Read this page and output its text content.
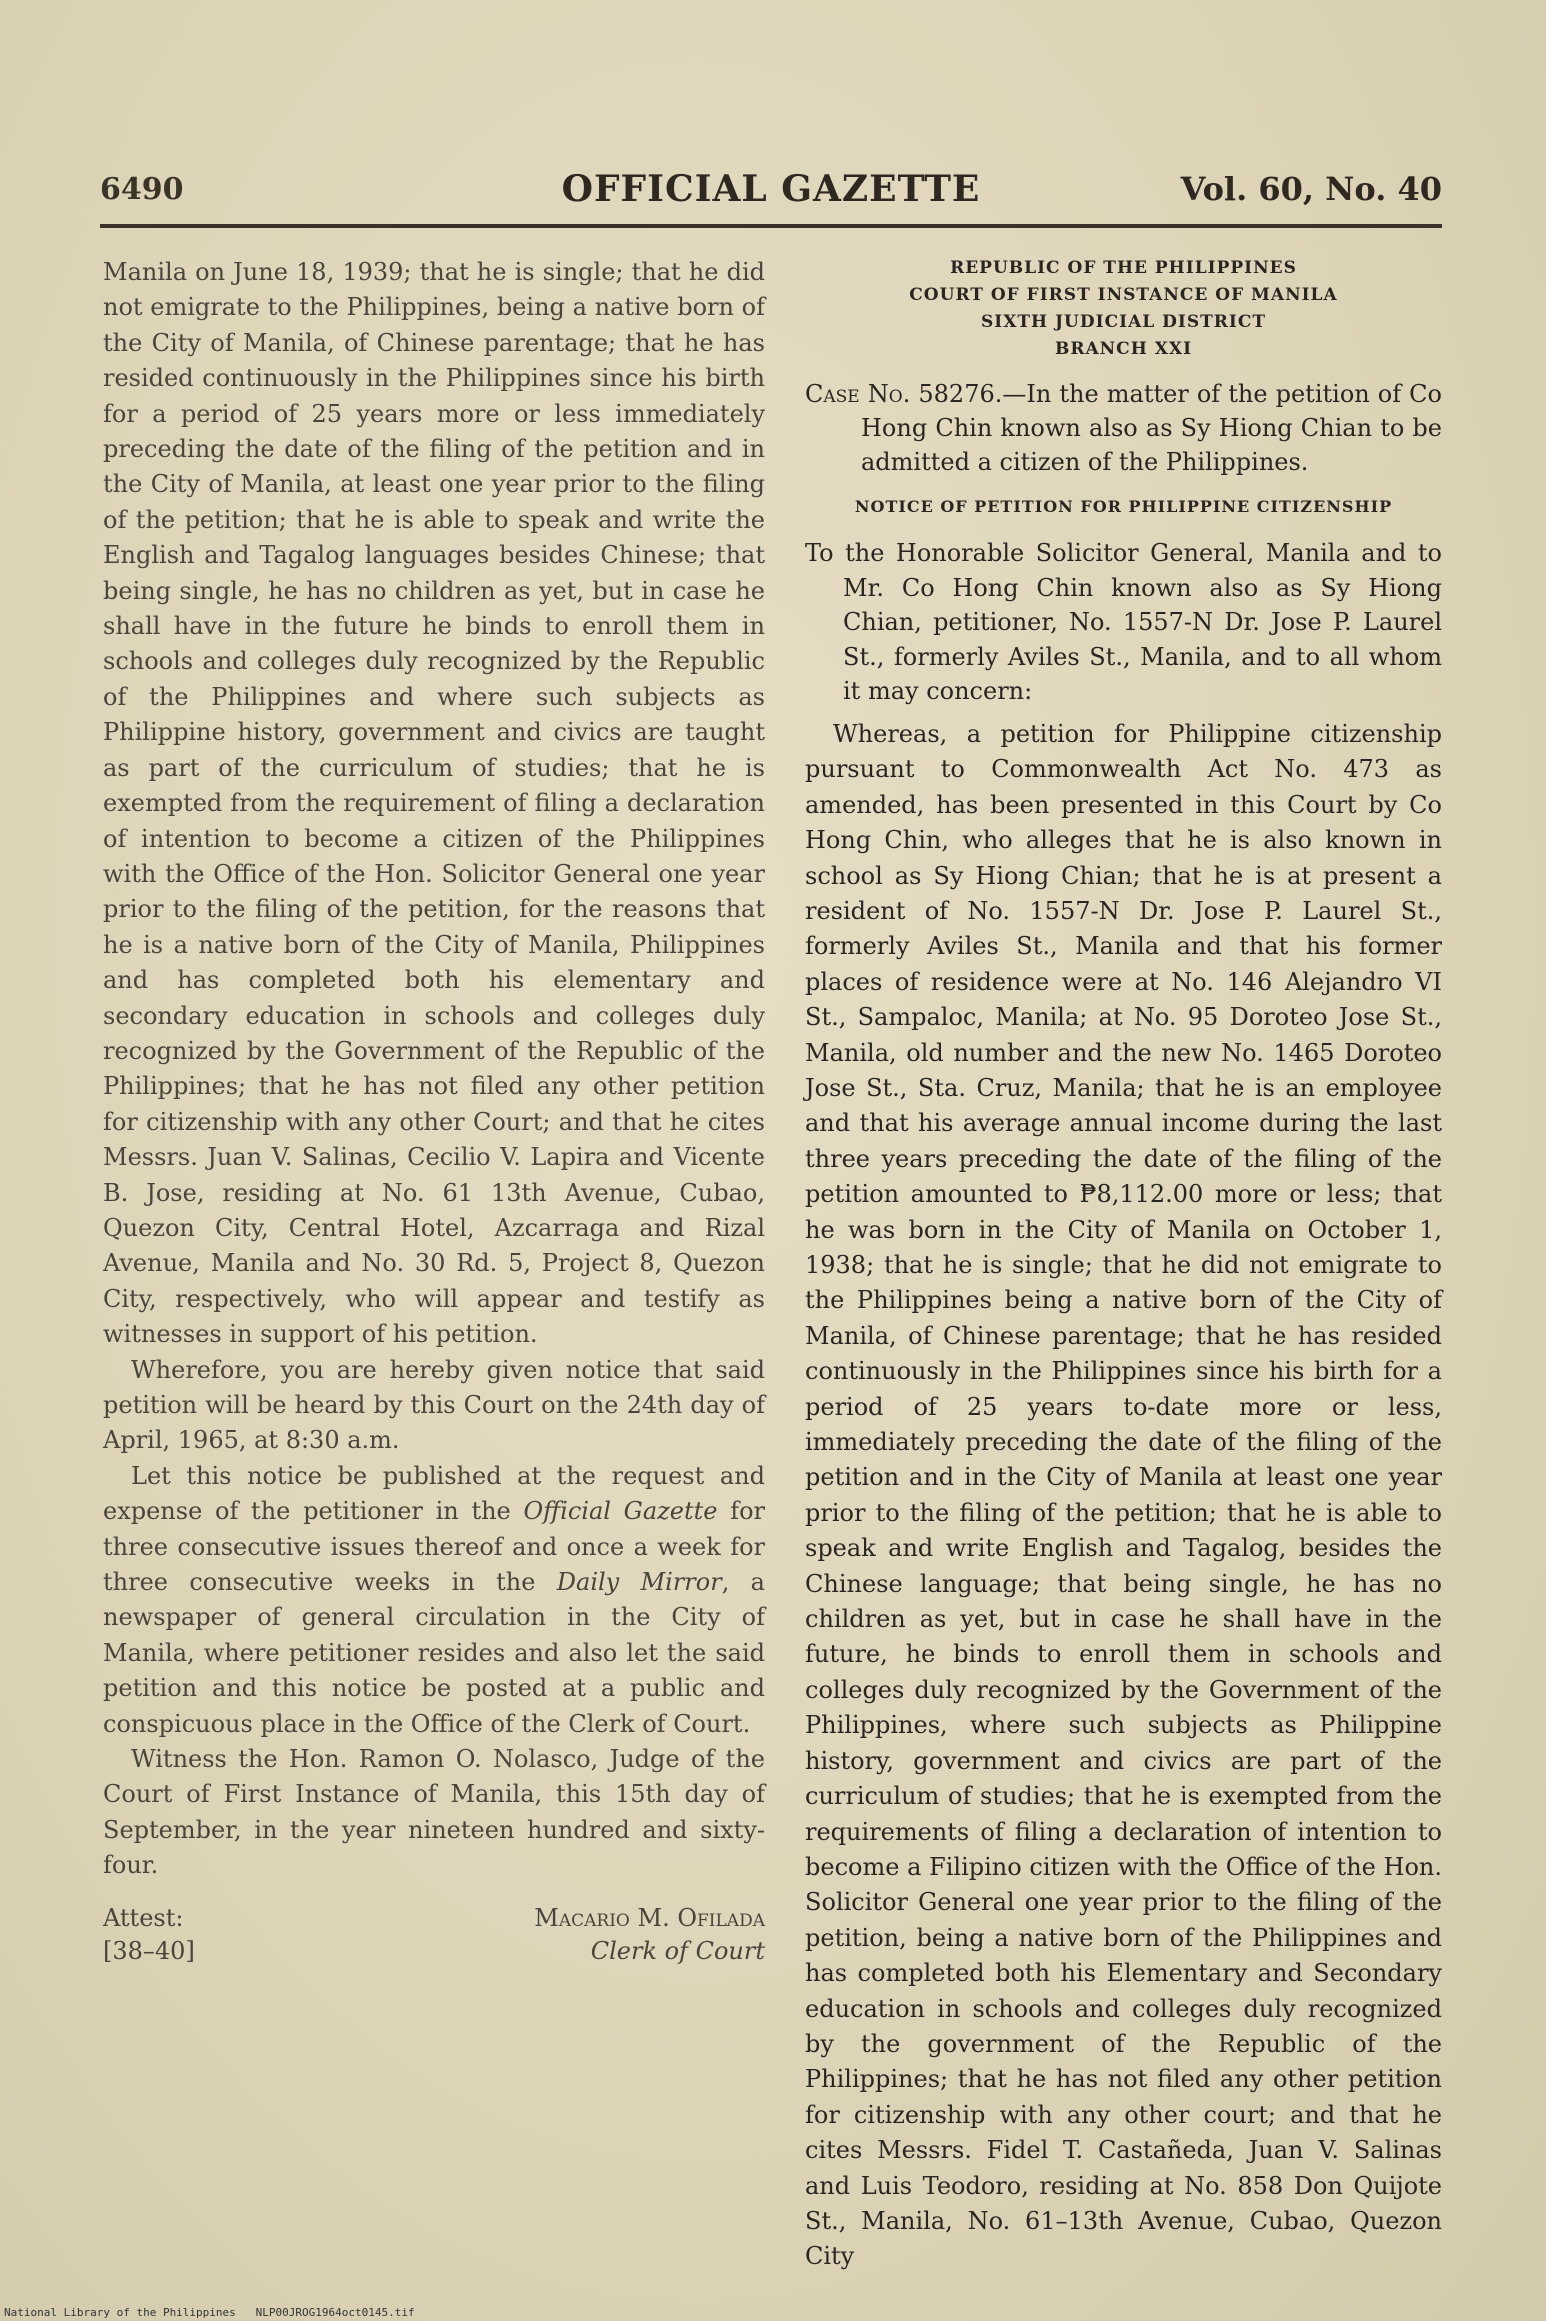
6490	OFFICIAL GAZETTE	Vol. 60, No. 40

Manila on June 18, 1939; that he is single; that he did not emigrate to the Philippines, being a native born of the City of Manila, of Chinese parentage; that he has resided continuously in the Philippines since his birth for a period of 25 years more or less immediately preceding the date of the filing of the petition and in the City of Manila, at least one year prior to the filing of the petition; that he is able to speak and write the English and Tagalog languages besides Chinese; that being single, he has no children as yet, but in case he shall have in the future he binds to enroll them in schools and colleges duly recognized by the Republic of the Philippines and where such subjects as Philippine history, government and civics are taught as part of the curriculum of studies; that he is exempted from the requirement of filing a declaration of intention to become a citizen of the Philippines with the Office of the Hon. Solicitor General one year prior to the filing of the petition, for the reasons that he is a native born of the City of Manila, Philippines and has completed both his elementary and secondary education in schools and colleges duly recognized by the Government of the Republic of the Philippines; that he has not filed any other petition for citizenship with any other Court; and that he cites Messrs. Juan V. Salinas, Cecilio V. Lapira and Vicente B. Jose, residing at No. 61 13th Avenue, Cubao, Quezon City, Central Hotel, Azcarraga and Rizal Avenue, Manila and No. 30 Rd. 5, Project 8, Quezon City, respectively, who will appear and testify as witnesses in support of his petition.

Wherefore, you are hereby given notice that said petition will be heard by this Court on the 24th day of April, 1965, at 8:30 a.m.

Let this notice be published at the request and expense of the petitioner in the Official Gazette for three consecutive issues thereof and once a week for three consecutive weeks in the Daily Mirror, a newspaper of general circulation in the City of Manila, where petitioner resides and also let the said petition and this notice be posted at a public and conspicuous place in the Office of the Clerk of Court.

Witness the Hon. Ramon O. Nolasco, Judge of the Court of First Instance of Manila, this 15th day of September, in the year nineteen hundred and sixty-four.

Attest:
[38–40]
Macario M. Ofilada
Clerk of Court
REPUBLIC OF THE PHILIPPINES
COURT OF FIRST INSTANCE OF MANILA
SIXTH JUDICIAL DISTRICT
BRANCH XXI

Case No. 58276.—In the matter of the petition of Co Hong Chin known also as Sy Hiong Chian to be admitted a citizen of the Philippines.

NOTICE OF PETITION FOR PHILIPPINE CITIZENSHIP

To the Honorable Solicitor General, Manila and to Mr. Co Hong Chin known also as Sy Hiong Chian, petitioner, No. 1557-N Dr. Jose P. Laurel St., formerly Aviles St., Manila, and to all whom it may concern:

Whereas, a petition for Philippine citizenship pursuant to Commonwealth Act No. 473 as amended, has been presented in this Court by Co Hong Chin, who alleges that he is also known in school as Sy Hiong Chian; that he is at present a resident of No. 1557-N Dr. Jose P. Laurel St., formerly Aviles St., Manila and that his former places of residence were at No. 146 Alejandro VI St., Sampaloc, Manila; at No. 95 Doroteo Jose St., Manila, old number and the new No. 1465 Doroteo Jose St., Sta. Cruz, Manila; that he is an employee and that his average annual income during the last three years preceding the date of the filing of the petition amounted to ₱8,112.00 more or less; that he was born in the City of Manila on October 1, 1938; that he is single; that he did not emigrate to the Philippines being a native born of the City of Manila, of Chinese parentage; that he has resided continuously in the Philippines since his birth for a period of 25 years to-date more or less, immediately preceding the date of the filing of the petition and in the City of Manila at least one year prior to the filing of the petition; that he is able to speak and write English and Tagalog, besides the Chinese language; that being single, he has no children as yet, but in case he shall have in the future, he binds to enroll them in schools and colleges duly recognized by the Government of the Philippines, where such subjects as Philippine history, government and civics are part of the curriculum of studies; that he is exempted from the requirements of filing a declaration of intention to become a Filipino citizen with the Office of the Hon. Solicitor General one year prior to the filing of the petition, being a native born of the Philippines and has completed both his Elementary and Secondary education in schools and colleges duly recognized by the government of the Republic of the Philippines; that he has not filed any other petition for citizenship with any other court; and that he cites Messrs. Fidel T. Castañeda, Juan V. Salinas and Luis Teodoro, residing at No. 858 Don Quijote St., Manila, No. 61–13th Avenue, Cubao, Quezon City

National Library of the Philippines NLP00JROG1964oct0145.tif
